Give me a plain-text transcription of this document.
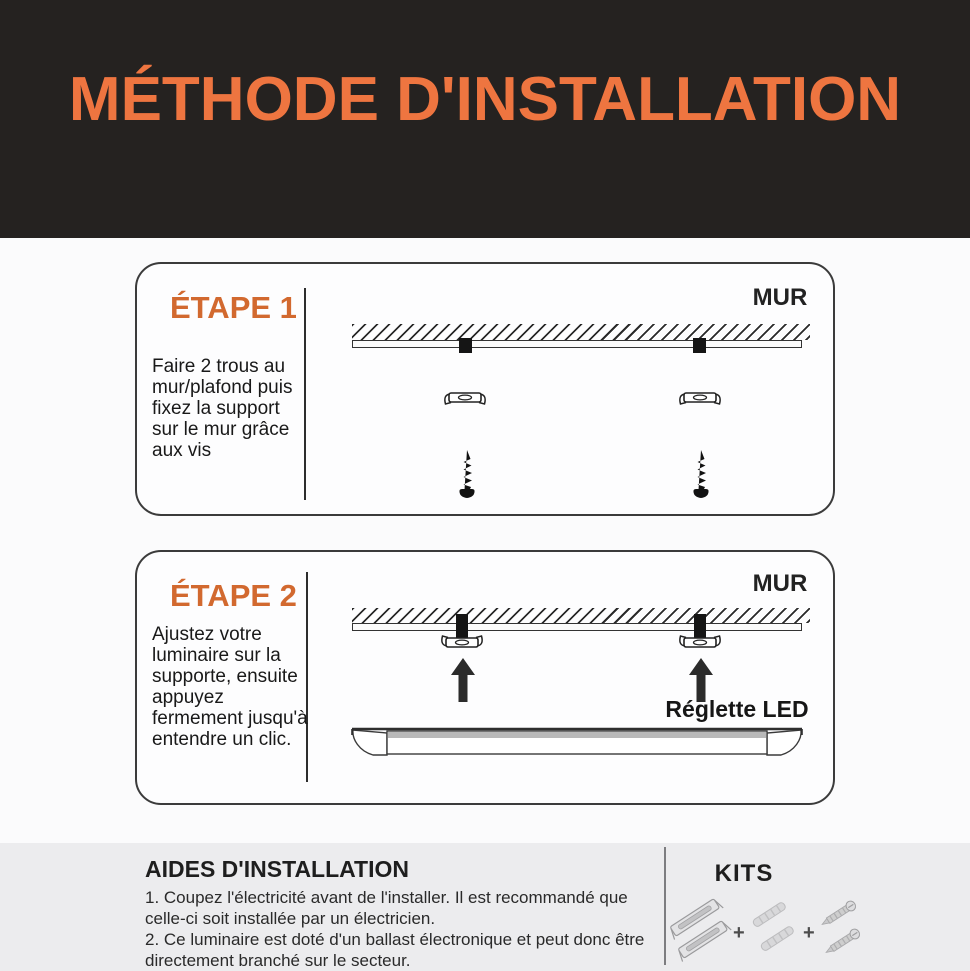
MÉTHODE D'INSTALLATION
ÉTAPE 1
Faire 2 trous au mur/plafond puis fixez la support sur le mur grâce aux vis
MUR
ÉTAPE 2
Ajustez votre luminaire sur la supporte, ensuite appuyez fermement jusqu'à entendre un clic.
MUR
Réglette LED
AIDES D'INSTALLATION

1. Coupez l'électricité avant de l'installer. Il est recommandé que celle-ci soit installée par un électricien.

2. Ce luminaire est doté d'un ballast électronique et peut donc être directement branché sur le secteur.

KITS
+	+
